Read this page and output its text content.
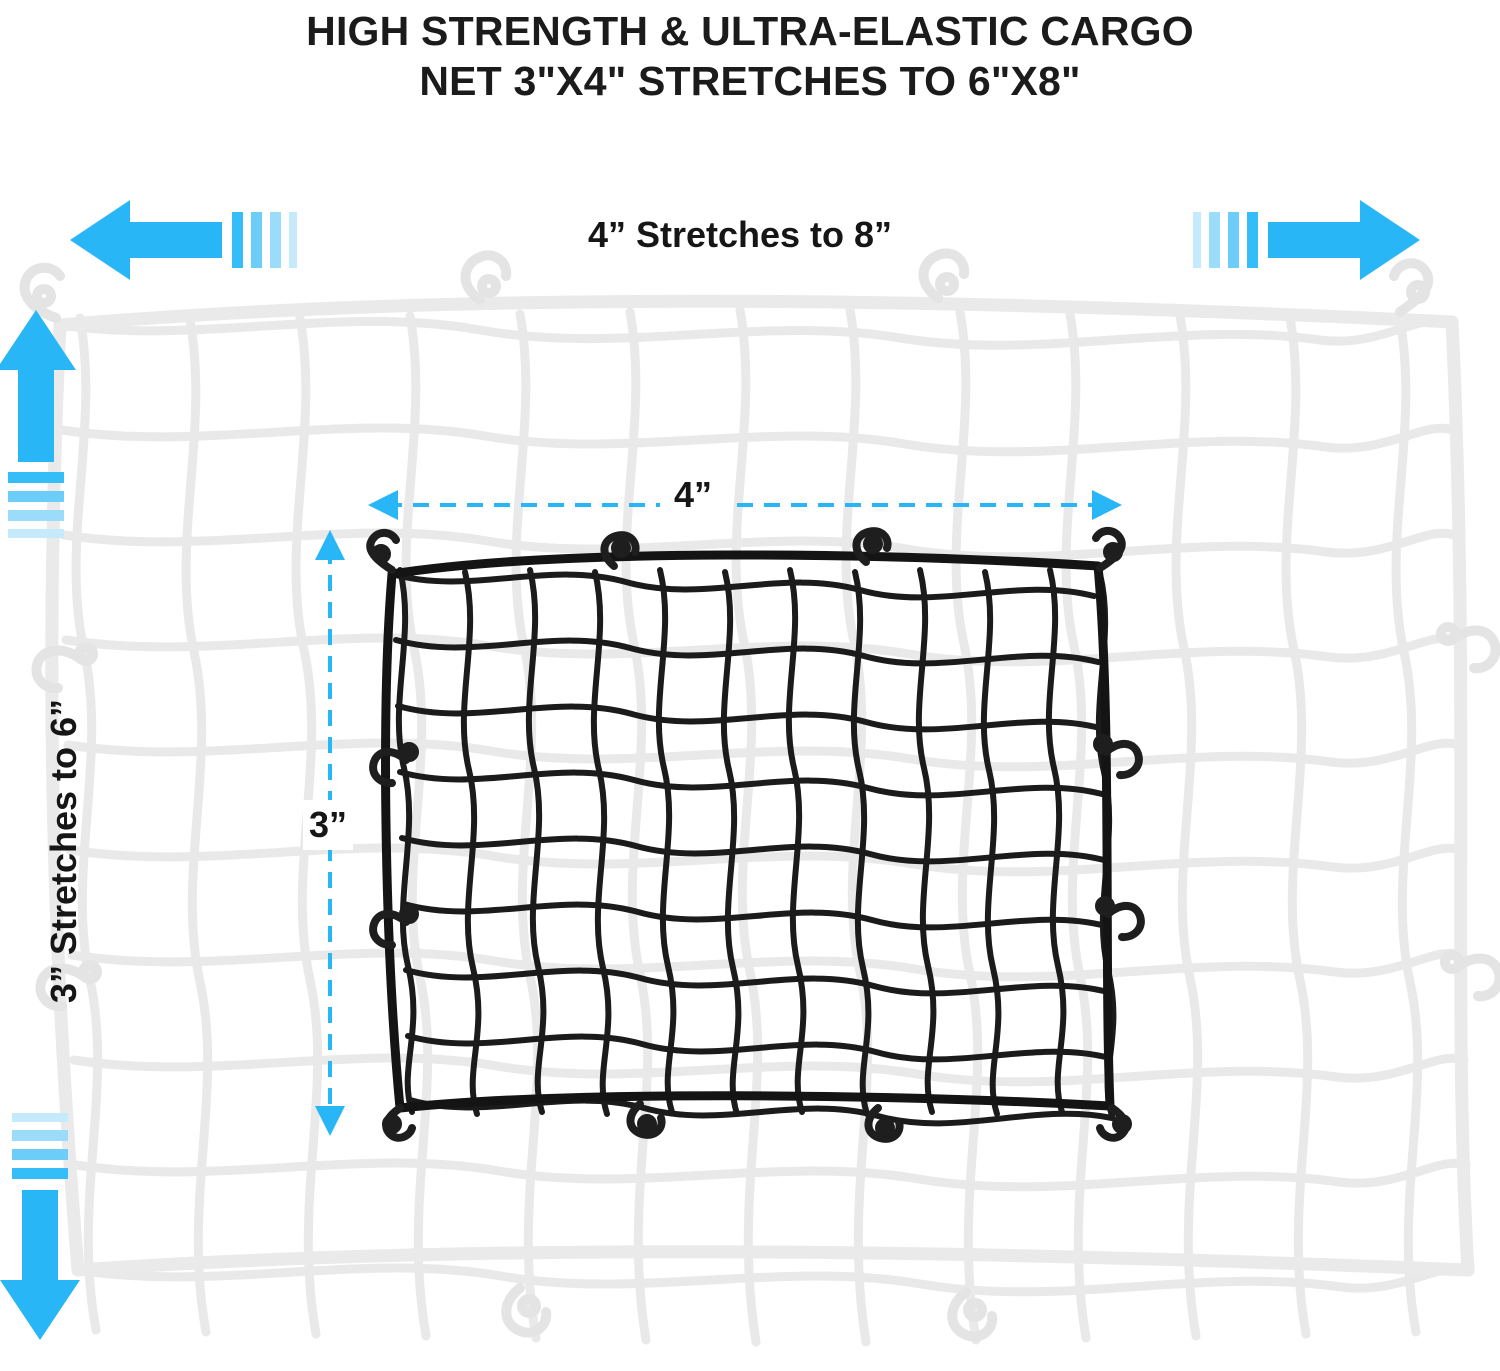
HIGH STRENGTH & ULTRA-ELASTIC CARGO
NET 3"X4" STRETCHES TO 6"X8"
4” Stretches to 8”
3” Stretches to 6”
4”
3”
